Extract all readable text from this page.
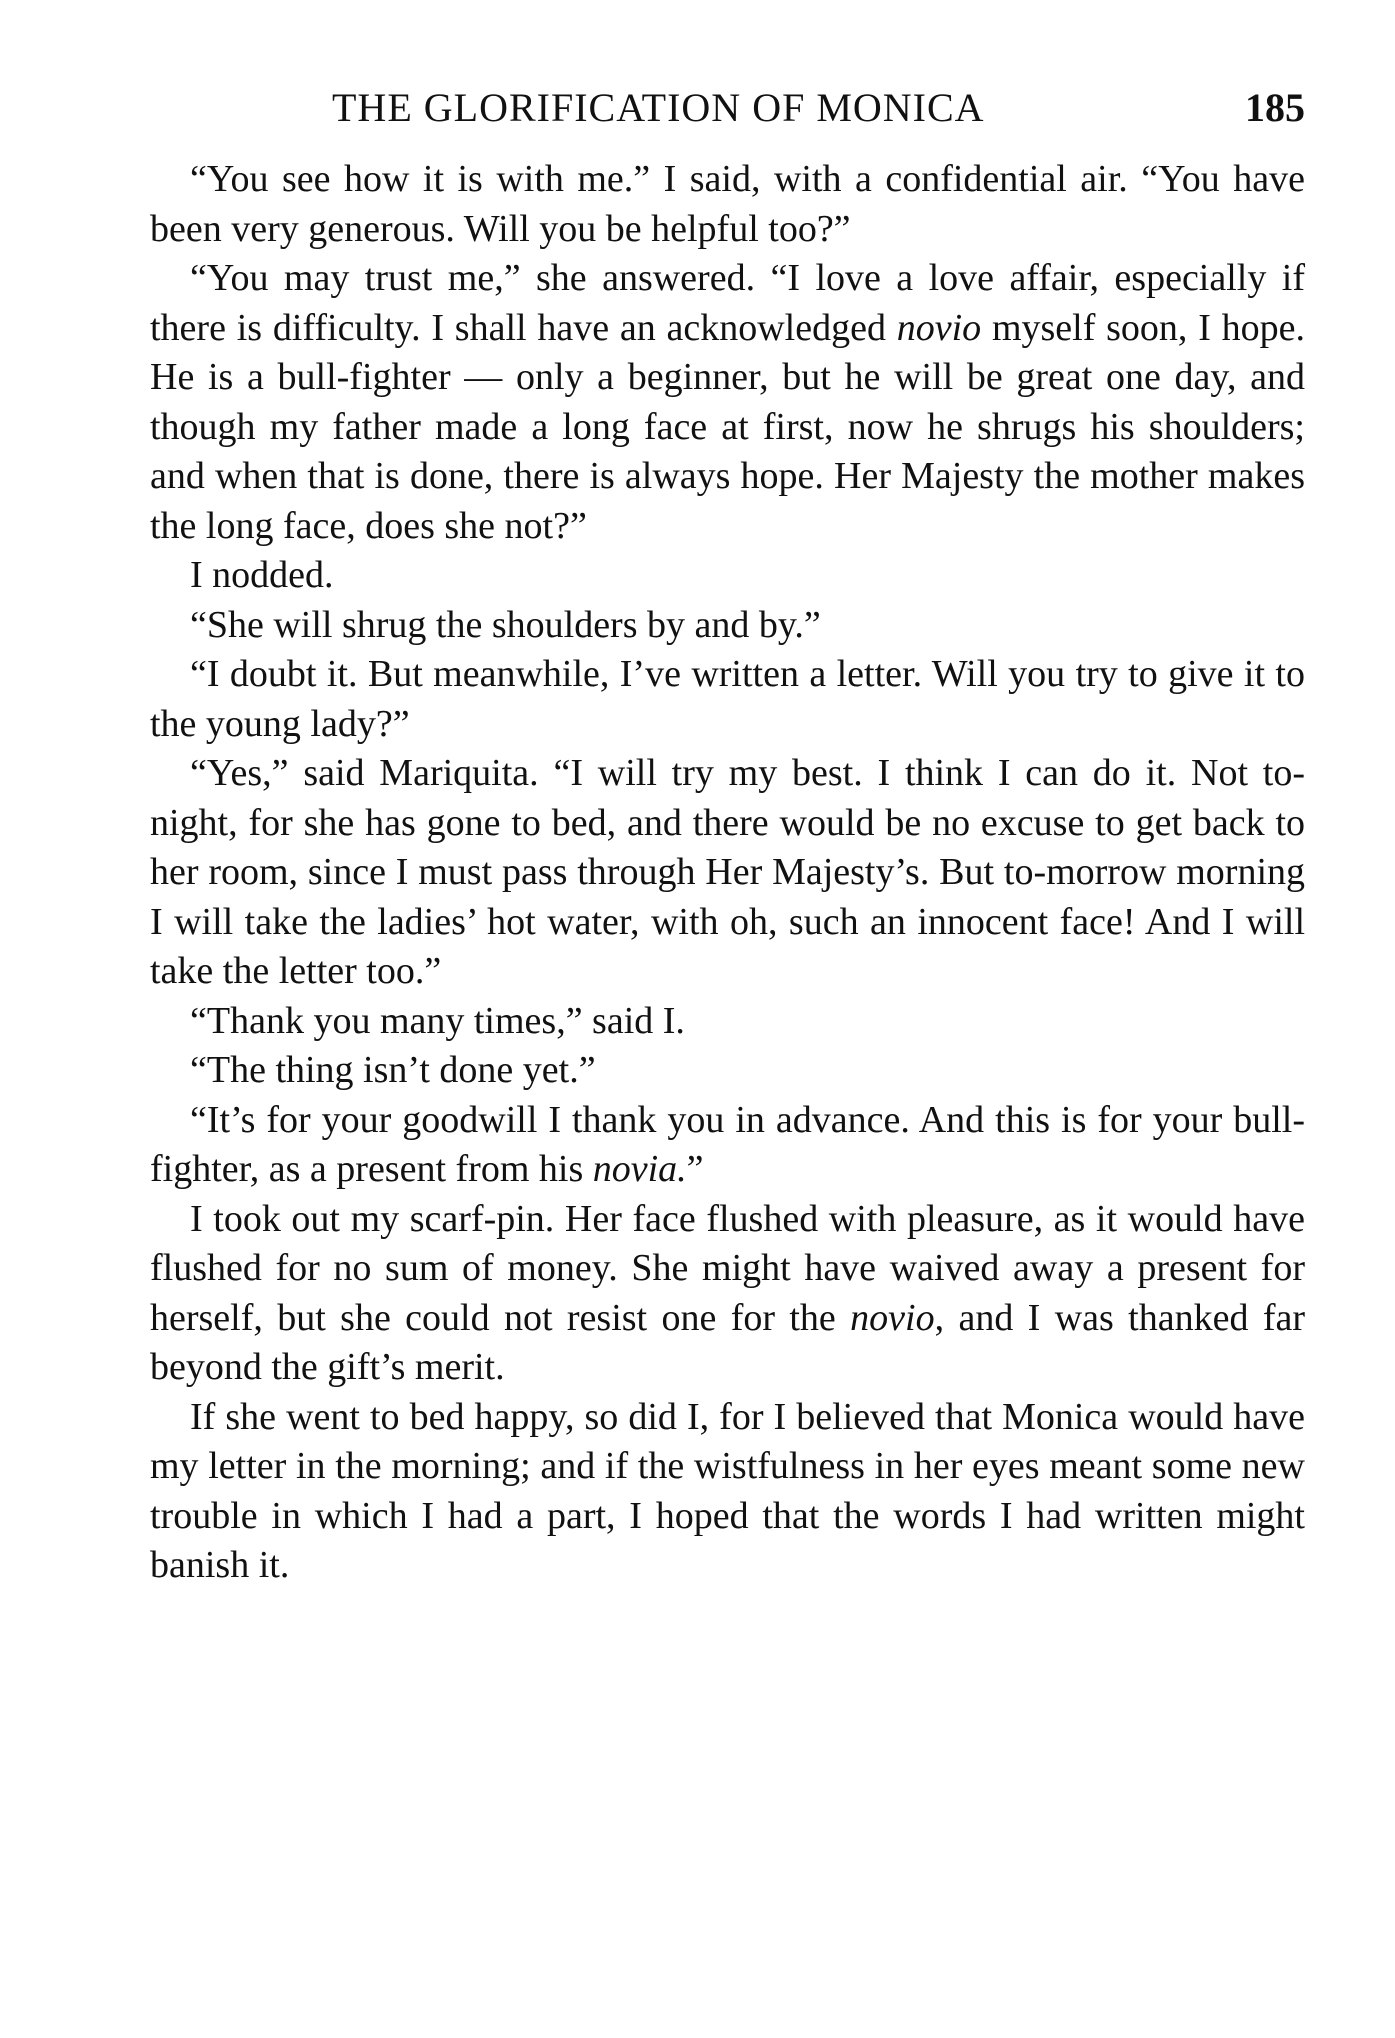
THE GLORIFICATION OF MONICA	185

“You see how it is with me.” I said, with a confidential air. “You have been very generous. Will you be helpful too?”

“You may trust me,” she answered. “I love a love affair, especially if there is difficulty. I shall have an acknowledged novio myself soon, I hope. He is a bull-fighter — only a beginner, but he will be great one day, and though my father made a long face at first, now he shrugs his shoulders; and when that is done, there is always hope. Her Majesty the mother makes the long face, does she not?”

I nodded.

“She will shrug the shoulders by and by.”

“I doubt it. But meanwhile, I’ve written a letter. Will you try to give it to the young lady?”

“Yes,” said Mariquita. “I will try my best. I think I can do it. Not to-night, for she has gone to bed, and there would be no excuse to get back to her room, since I must pass through Her Majesty’s. But to-morrow morning I will take the ladies’ hot water, with oh, such an innocent face! And I will take the letter too.”

“Thank you many times,” said I.

“The thing isn’t done yet.”

“It’s for your goodwill I thank you in advance. And this is for your bull-fighter, as a present from his novia.”

I took out my scarf-pin. Her face flushed with pleasure, as it would have flushed for no sum of money. She might have waived away a present for herself, but she could not resist one for the novio, and I was thanked far beyond the gift’s merit.

If she went to bed happy, so did I, for I believed that Monica would have my letter in the morning; and if the wistfulness in her eyes meant some new trouble in which I had a part, I hoped that the words I had written might banish it.
